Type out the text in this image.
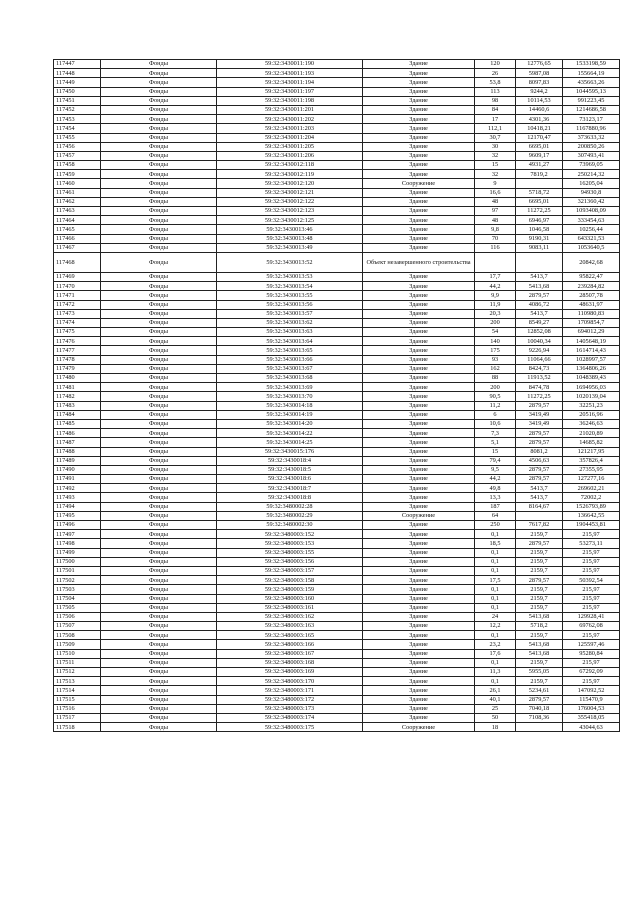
117447	Фонды	59:32:3430011:190	Здание	120	12776,65	1533198,59
117448	Фонды	59:32:3430011:193	Здание	26	5987,08	155664,19
117449	Фонды	59:32:3430011:194	Здание	53,8	8097,83	435663,26
117450	Фонды	59:32:3430011:197	Здание	113	9244,2	1044595,13
117451	Фонды	59:32:3430011:198	Здание	98	10114,53	991223,45
117452	Фонды	59:32:3430011:201	Здание	84	14460,6	1214686,58
117453	Фонды	59:32:3430011:202	Здание	17	4301,36	73123,17
117454	Фонды	59:32:3430011:203	Здание	112,1	10418,21	1167880,96
117455	Фонды	59:32:3430011:204	Здание	30,7	12170,47	373633,32
117456	Фонды	59:32:3430011:205	Здание	30	6695,01	200850,26
117457	Фонды	59:32:3430011:206	Здание	32	9609,17	307493,41
117458	Фонды	59:32:3430012:118	Здание	15	4931,27	73969,05
117459	Фонды	59:32:3430012:119	Здание	32	7819,2	250214,32
117460	Фонды	59:32:3430012:120	Сооружение	9		16205,04
117461	Фонды	59:32:3430012:121	Здание	16,6	5718,72	94930,8
117462	Фонды	59:32:3430012:122	Здание	48	6695,01	321360,42
117463	Фонды	59:32:3430012:123	Здание	97	11272,25	1093408,09
117464	Фонды	59:32:3430012:125	Здание	48	6946,97	333454,63
117465	Фонды	59:32:3430013:46	Здание	9,8	1046,58	10256,44
117466	Фонды	59:32:3430013:48	Здание	70	9190,31	643321,53
117467	Фонды	59:32:3430013:49	Здание	116	9083,11	1053640,5
117468	Фонды	59:32:3430013:52	Объект незавершенного строительства			20842,68
117469	Фонды	59:32:3430013:53	Здание	17,7	5413,7	95822,47
117470	Фонды	59:32:3430013:54	Здание	44,2	5413,68	239284,82
117471	Фонды	59:32:3430013:55	Здание	9,9	2879,57	28507,78
117472	Фонды	59:32:3430013:56	Здание	11,9	4086,72	48631,97
117473	Фонды	59:32:3430013:57	Здание	20,3	5413,7	110980,83
117474	Фонды	59:32:3430013:62	Здание	200	8549,27	1709854,7
117475	Фонды	59:32:3430013:63	Здание	54	12852,08	694012,29
117476	Фонды	59:32:3430013:64	Здание	140	10040,34	1405648,19
117477	Фонды	59:32:3430013:65	Здание	175	9226,94	1614714,43
117478	Фонды	59:32:3430013:66	Здание	93	11064,66	1028997,57
117479	Фонды	59:32:3430013:67	Здание	162	8424,73	1364806,26
117480	Фонды	59:32:3430013:68	Здание	88	11913,52	1048389,43
117481	Фонды	59:32:3430013:69	Здание	200	8474,78	1694956,03
117482	Фонды	59:32:3430013:70	Здание	90,5	11272,25	1020139,04
117483	Фонды	59:32:3430014:18	Здание	11,2	2879,57	32251,23
117484	Фонды	59:32:3430014:19	Здание	6	3419,49	20516,96
117485	Фонды	59:32:3430014:20	Здание	10,6	3419,49	36246,63
117486	Фонды	59:32:3430014:22	Здание	7,3	2879,57	21020,89
117487	Фонды	59:32:3430014:25	Здание	5,1	2879,57	14685,82
117488	Фонды	59:32:3430015:176	Здание	15	8081,2	121217,95
117489	Фонды	59:32:3430018:4	Здание	79,4	4506,63	357826,4
117490	Фонды	59:32:3430018:5	Здание	9,5	2879,57	27355,95
117491	Фонды	59:32:3430018:6	Здание	44,2	2879,57	127277,16
117492	Фонды	59:32:3430018:7	Здание	49,8	5413,7	269602,21
117493	Фонды	59:32:3430018:8	Здание	13,3	5413,7	72002,2
117494	Фонды	59:32:3480002:28	Здание	187	8164,67	1526793,89
117495	Фонды	59:32:3480002:29	Сооружение	64		136642,55
117496	Фонды	59:32:3480002:30	Здание	250	7617,82	1904453,81
117497	Фонды	59:32:3480003:152	Здание	0,1	2159,7	215,97
117498	Фонды	59:32:3480003:153	Здание	18,5	2879,57	53273,11
117499	Фонды	59:32:3480003:155	Здание	0,1	2159,7	215,97
117500	Фонды	59:32:3480003:156	Здание	0,1	2159,7	215,97
117501	Фонды	59:32:3480003:157	Здание	0,1	2159,7	215,97
117502	Фонды	59:32:3480003:158	Здание	17,5	2879,57	50392,54
117503	Фонды	59:32:3480003:159	Здание	0,1	2159,7	215,97
117504	Фонды	59:32:3480003:160	Здание	0,1	2159,7	215,97
117505	Фонды	59:32:3480003:161	Здание	0,1	2159,7	215,97
117506	Фонды	59:32:3480003:162	Здание	24	5413,68	129928,41
117507	Фонды	59:32:3480003:163	Здание	12,2	5718,2	69762,08
117508	Фонды	59:32:3480003:165	Здание	0,1	2159,7	215,97
117509	Фонды	59:32:3480003:166	Здание	23,2	5413,68	125597,46
117510	Фонды	59:32:3480003:167	Здание	17,6	5413,68	95280,84
117511	Фонды	59:32:3480003:168	Здание	0,1	2159,7	215,97
117512	Фонды	59:32:3480003:169	Здание	11,3	5955,05	67292,09
117513	Фонды	59:32:3480003:170	Здание	0,1	2159,7	215,97
117514	Фонды	59:32:3480003:171	Здание	26,1	5234,61	147092,52
117515	Фонды	59:32:3480003:172	Здание	40,1	2879,57	115470,9
117516	Фонды	59:32:3480003:173	Здание	25	7040,18	176004,53
117517	Фонды	59:32:3480003:174	Здание	50	7108,36	355418,05
117518	Фонды	59:32:3480003:175	Сооружение	18		43044,63
